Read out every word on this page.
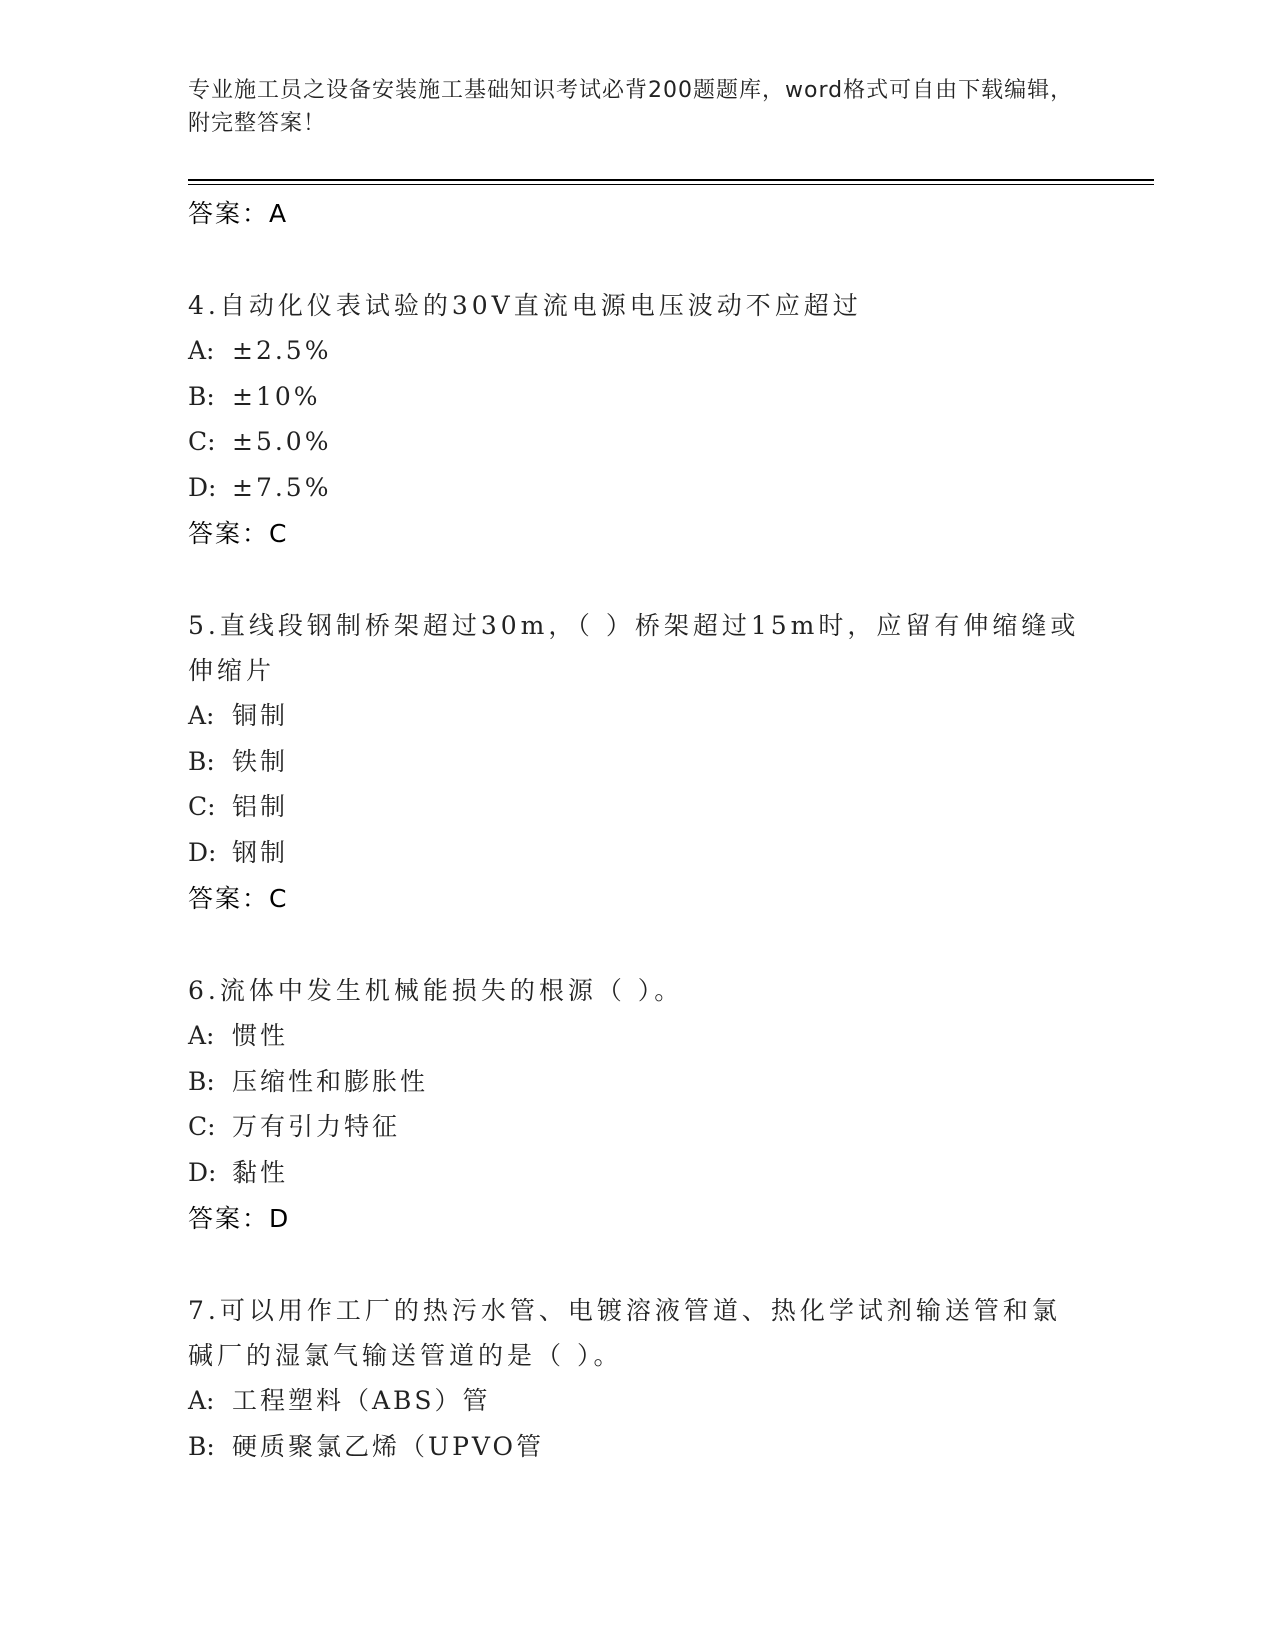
专业施工员之设备安装施工基础知识考试必背200题题库，word格式可自由下载编辑，附完整答案！
答案：A
4.自动化仪表试验的30V直流电源电压波动不应超过
A: ±2.5%
B: ±10%
C: ±5.0%
D: ±7.5%
答案：C
5.直线段钢制桥架超过30m，（ ）桥架超过15m时，应留有伸缩缝或伸缩片
A: 铜制
B: 铁制
C: 铝制
D: 钢制
答案：C
6.流体中发生机械能损失的根源（ ）。
A: 惯性
B: 压缩性和膨胀性
C: 万有引力特征
D: 黏性
答案：D
7.可以用作工厂的热污水管、电镀溶液管道、热化学试剂输送管和氯碱厂的湿氯气输送管道的是（ ）。
A: 工程塑料（ABS）管
B: 硬质聚氯乙烯（UPVO管
